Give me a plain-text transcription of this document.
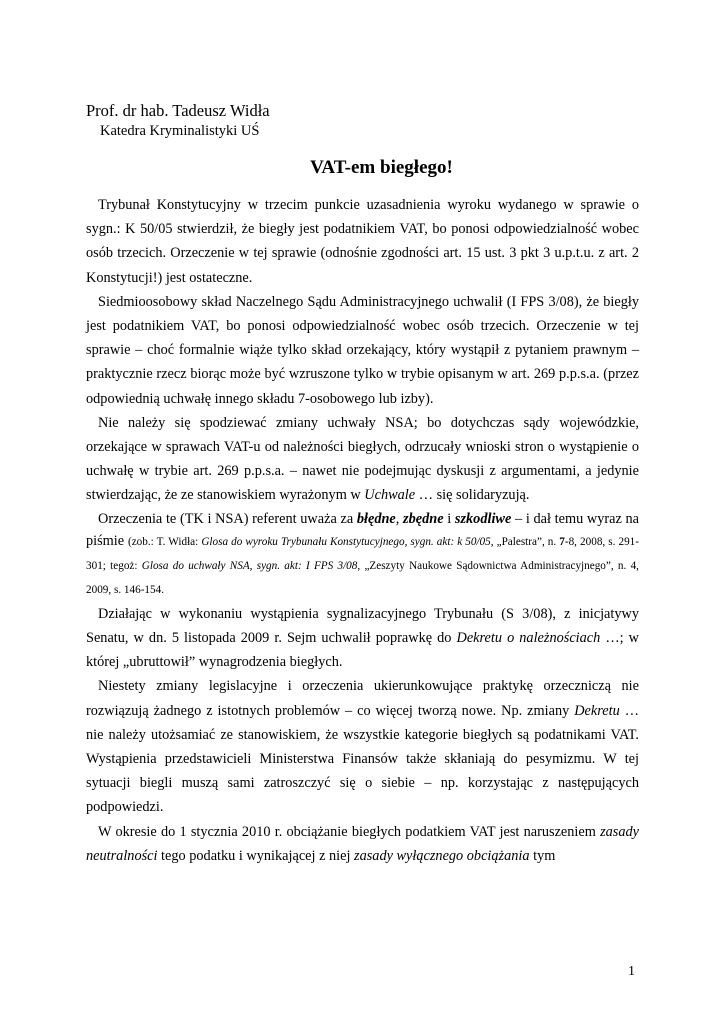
Prof. dr hab. Tadeusz Widła
Katedra Kryminalistyki UŚ
VAT-em biegłego!

Trybunał Konstytucyjny w trzecim punkcie uzasadnienia wyroku wydanego w sprawie o sygn.: K 50/05 stwierdził, że biegły jest podatnikiem VAT, bo ponosi odpowiedzialność wobec osób trzecich. Orzeczenie w tej sprawie (odnośnie zgodności art. 15 ust. 3 pkt 3 u.p.t.u. z art. 2 Konstytucji!) jest ostateczne.

Siedmioosobowy skład Naczelnego Sądu Administracyjnego uchwalił (I FPS 3/08), że biegły jest podatnikiem VAT, bo ponosi odpowiedzialność wobec osób trzecich. Orzeczenie w tej sprawie – choć formalnie wiąże tylko skład orzekający, który wystąpił z pytaniem prawnym – praktycznie rzecz biorąc może być wzruszone tylko w trybie opisanym w art. 269 p.p.s.a. (przez odpowiednią uchwałę innego składu 7-osobowego lub izby).

Nie należy się spodziewać zmiany uchwały NSA; bo dotychczas sądy wojewódzkie, orzekające w sprawach VAT-u od należności biegłych, odrzucały wnioski stron o wystąpienie o uchwałę w trybie art. 269 p.p.s.a. – nawet nie podejmując dyskusji z argumentami, a jedynie stwierdzając, że ze stanowiskiem wyrażonym w Uchwale … się solidaryzują.

Orzeczenia te (TK i NSA) referent uważa za błędne, zbędne i szkodliwe – i dał temu wyraz na piśmie (zob.: T. Widła: Glosa do wyroku Trybunału Konstytucyjnego, sygn. akt: k 50/05, „Palestra”, n. 7-8, 2008, s. 291-301; tegoż: Glosa do uchwały NSA, sygn. akt: I FPS 3/08, „Zeszyty Naukowe Sądownictwa Administracyjnego”, n. 4, 2009, s. 146-154.

Działając w wykonaniu wystąpienia sygnalizacyjnego Trybunału (S 3/08), z inicjatywy Senatu, w dn. 5 listopada 2009 r. Sejm uchwalił poprawkę do Dekretu o należnościach …; w której „ubruttowił” wynagrodzenia biegłych.

Niestety zmiany legislacyjne i orzeczenia ukierunkowujące praktykę orzeczniczą nie rozwiązują żadnego z istotnych problemów – co więcej tworzą nowe. Np. zmiany Dekretu … nie należy utożsamiać ze stanowiskiem, że wszystkie kategorie biegłych są podatnikami VAT. Wystąpienia przedstawicieli Ministerstwa Finansów także skłaniają do pesymizmu. W tej sytuacji biegli muszą sami zatroszczyć się o siebie – np. korzystając z następujących podpowiedzi.

W okresie do 1 stycznia 2010 r. obciążanie biegłych podatkiem VAT jest naruszeniem zasady neutralności tego podatku i wynikającej z niej zasady wyłącznego obciążania tym

1
